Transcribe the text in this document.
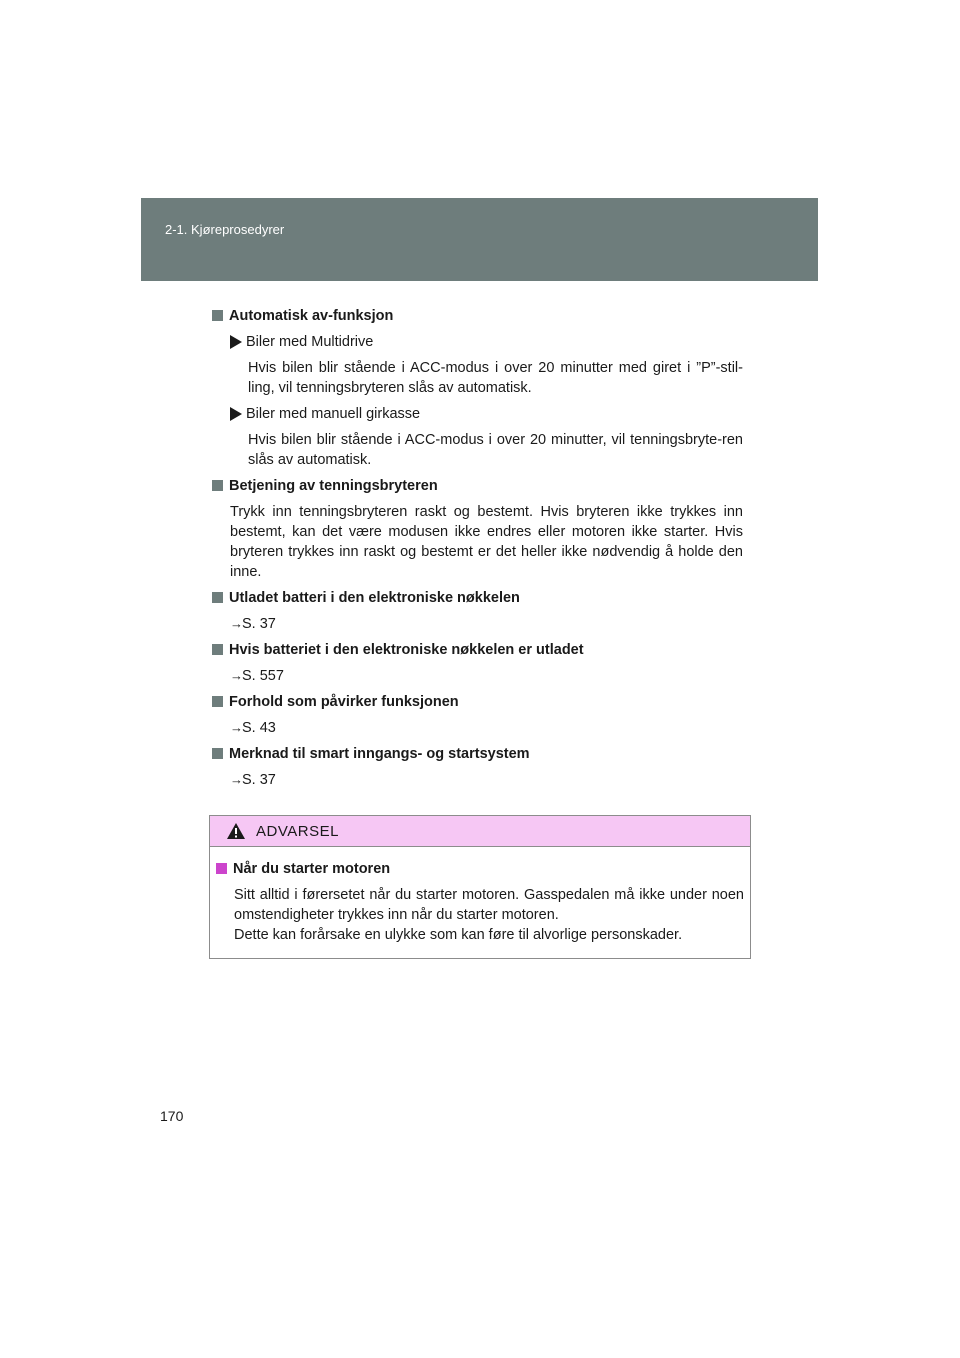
2-1. Kjøreprosedyrer
Automatisk av-funksjon
Biler med Multidrive
Hvis bilen blir stående i ACC-modus i over 20 minutter med giret i ”P”-stil-ling, vil tenningsbryteren slås av automatisk.
Biler med manuell girkasse
Hvis bilen blir stående i ACC-modus i over 20 minutter, vil tenningsbryte-ren slås av automatisk.
Betjening av tenningsbryteren
Trykk inn tenningsbryteren raskt og bestemt. Hvis bryteren ikke trykkes inn bestemt, kan det være modusen ikke endres eller motoren ikke starter. Hvis bryteren trykkes inn raskt og bestemt er det heller ikke nødvendig å holde den inne.
Utladet batteri i den elektroniske nøkkelen
→S. 37
Hvis batteriet i den elektroniske nøkkelen er utladet
→S. 557
Forhold som påvirker funksjonen
→S. 43
Merknad til smart inngangs- og startsystem
→S. 37
ADVARSEL
Når du starter motoren
Sitt alltid i førersetet når du starter motoren. Gasspedalen må ikke under noen omstendigheter trykkes inn når du starter motoren.
Dette kan forårsake en ulykke som kan føre til alvorlige personskader.
170
